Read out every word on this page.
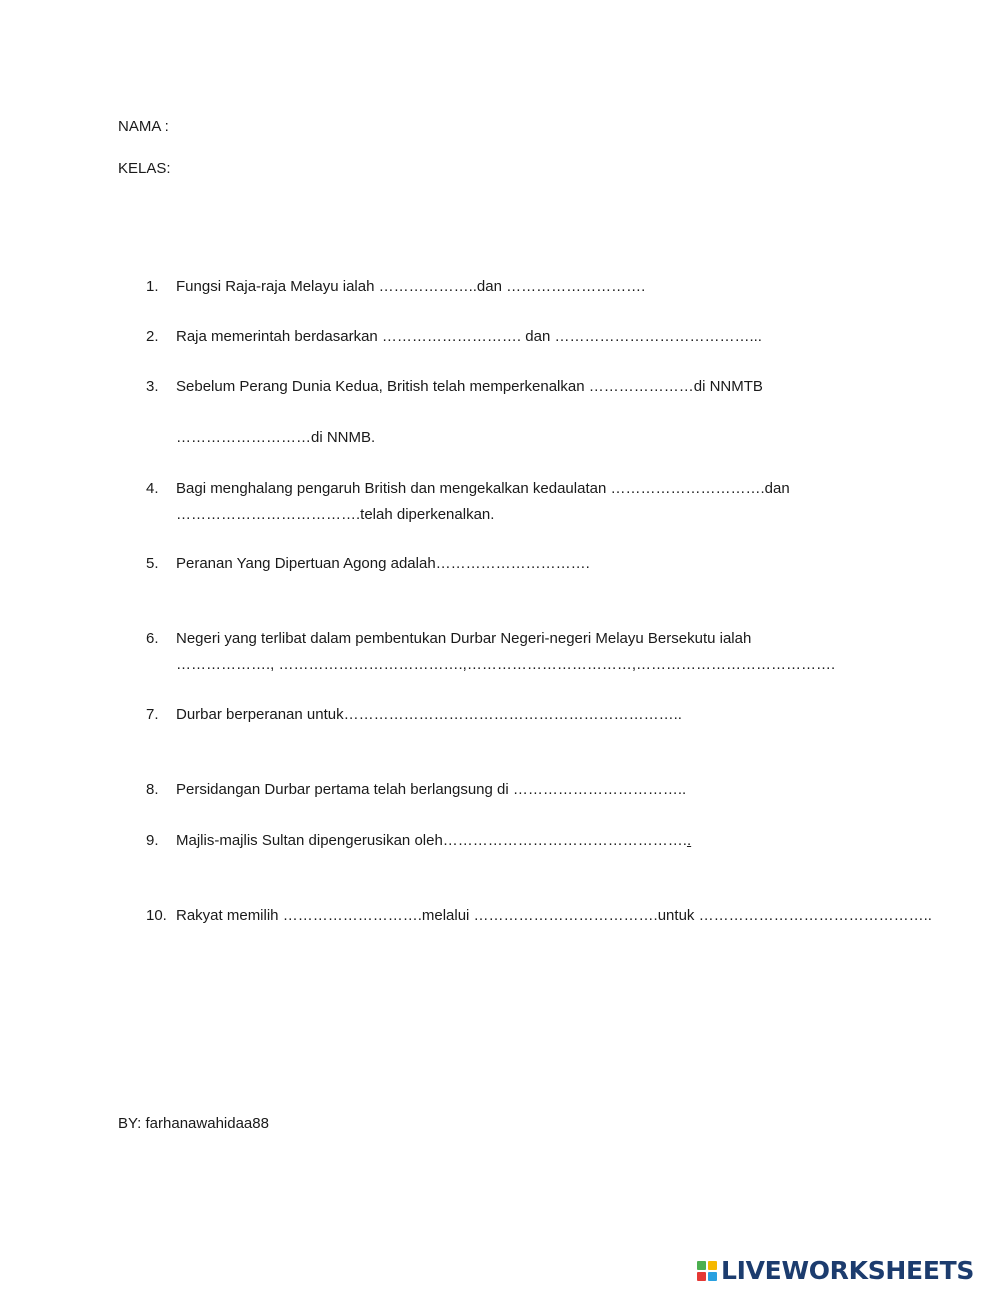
NAMA :
KELAS:
1.	Fungsi Raja-raja Melayu ialah ………………..dan ……………………….
2.	Raja memerintah berdasarkan ………………………. dan …………………………………...
3.	Sebelum Perang Dunia Kedua, British telah memperkenalkan …………………di NNMTB
………………………di NNMB.
4.	Bagi menghalang pengaruh British dan mengekalkan kedaulatan ………………………….dan
……………………………….telah diperkenalkan.
5.	Peranan Yang Dipertuan Agong adalah………………………….
6.	Negeri yang terlibat dalam pembentukan Durbar Negeri-negeri Melayu Bersekutu ialah
………………., ……………………………….,……………………………,………………………………….
7.	Durbar berperanan untuk…………………………………………………………..
8.	Persidangan Durbar pertama telah berlangsung di ……………………………..
9.	Majlis-majlis Sultan dipengerusikan oleh…………………………………………..
10. Rakyat memilih ……………………….melalui ……………………………….untuk ………………………………………..
BY: farhanawahidaa88
LIVEWORKSHEETS
